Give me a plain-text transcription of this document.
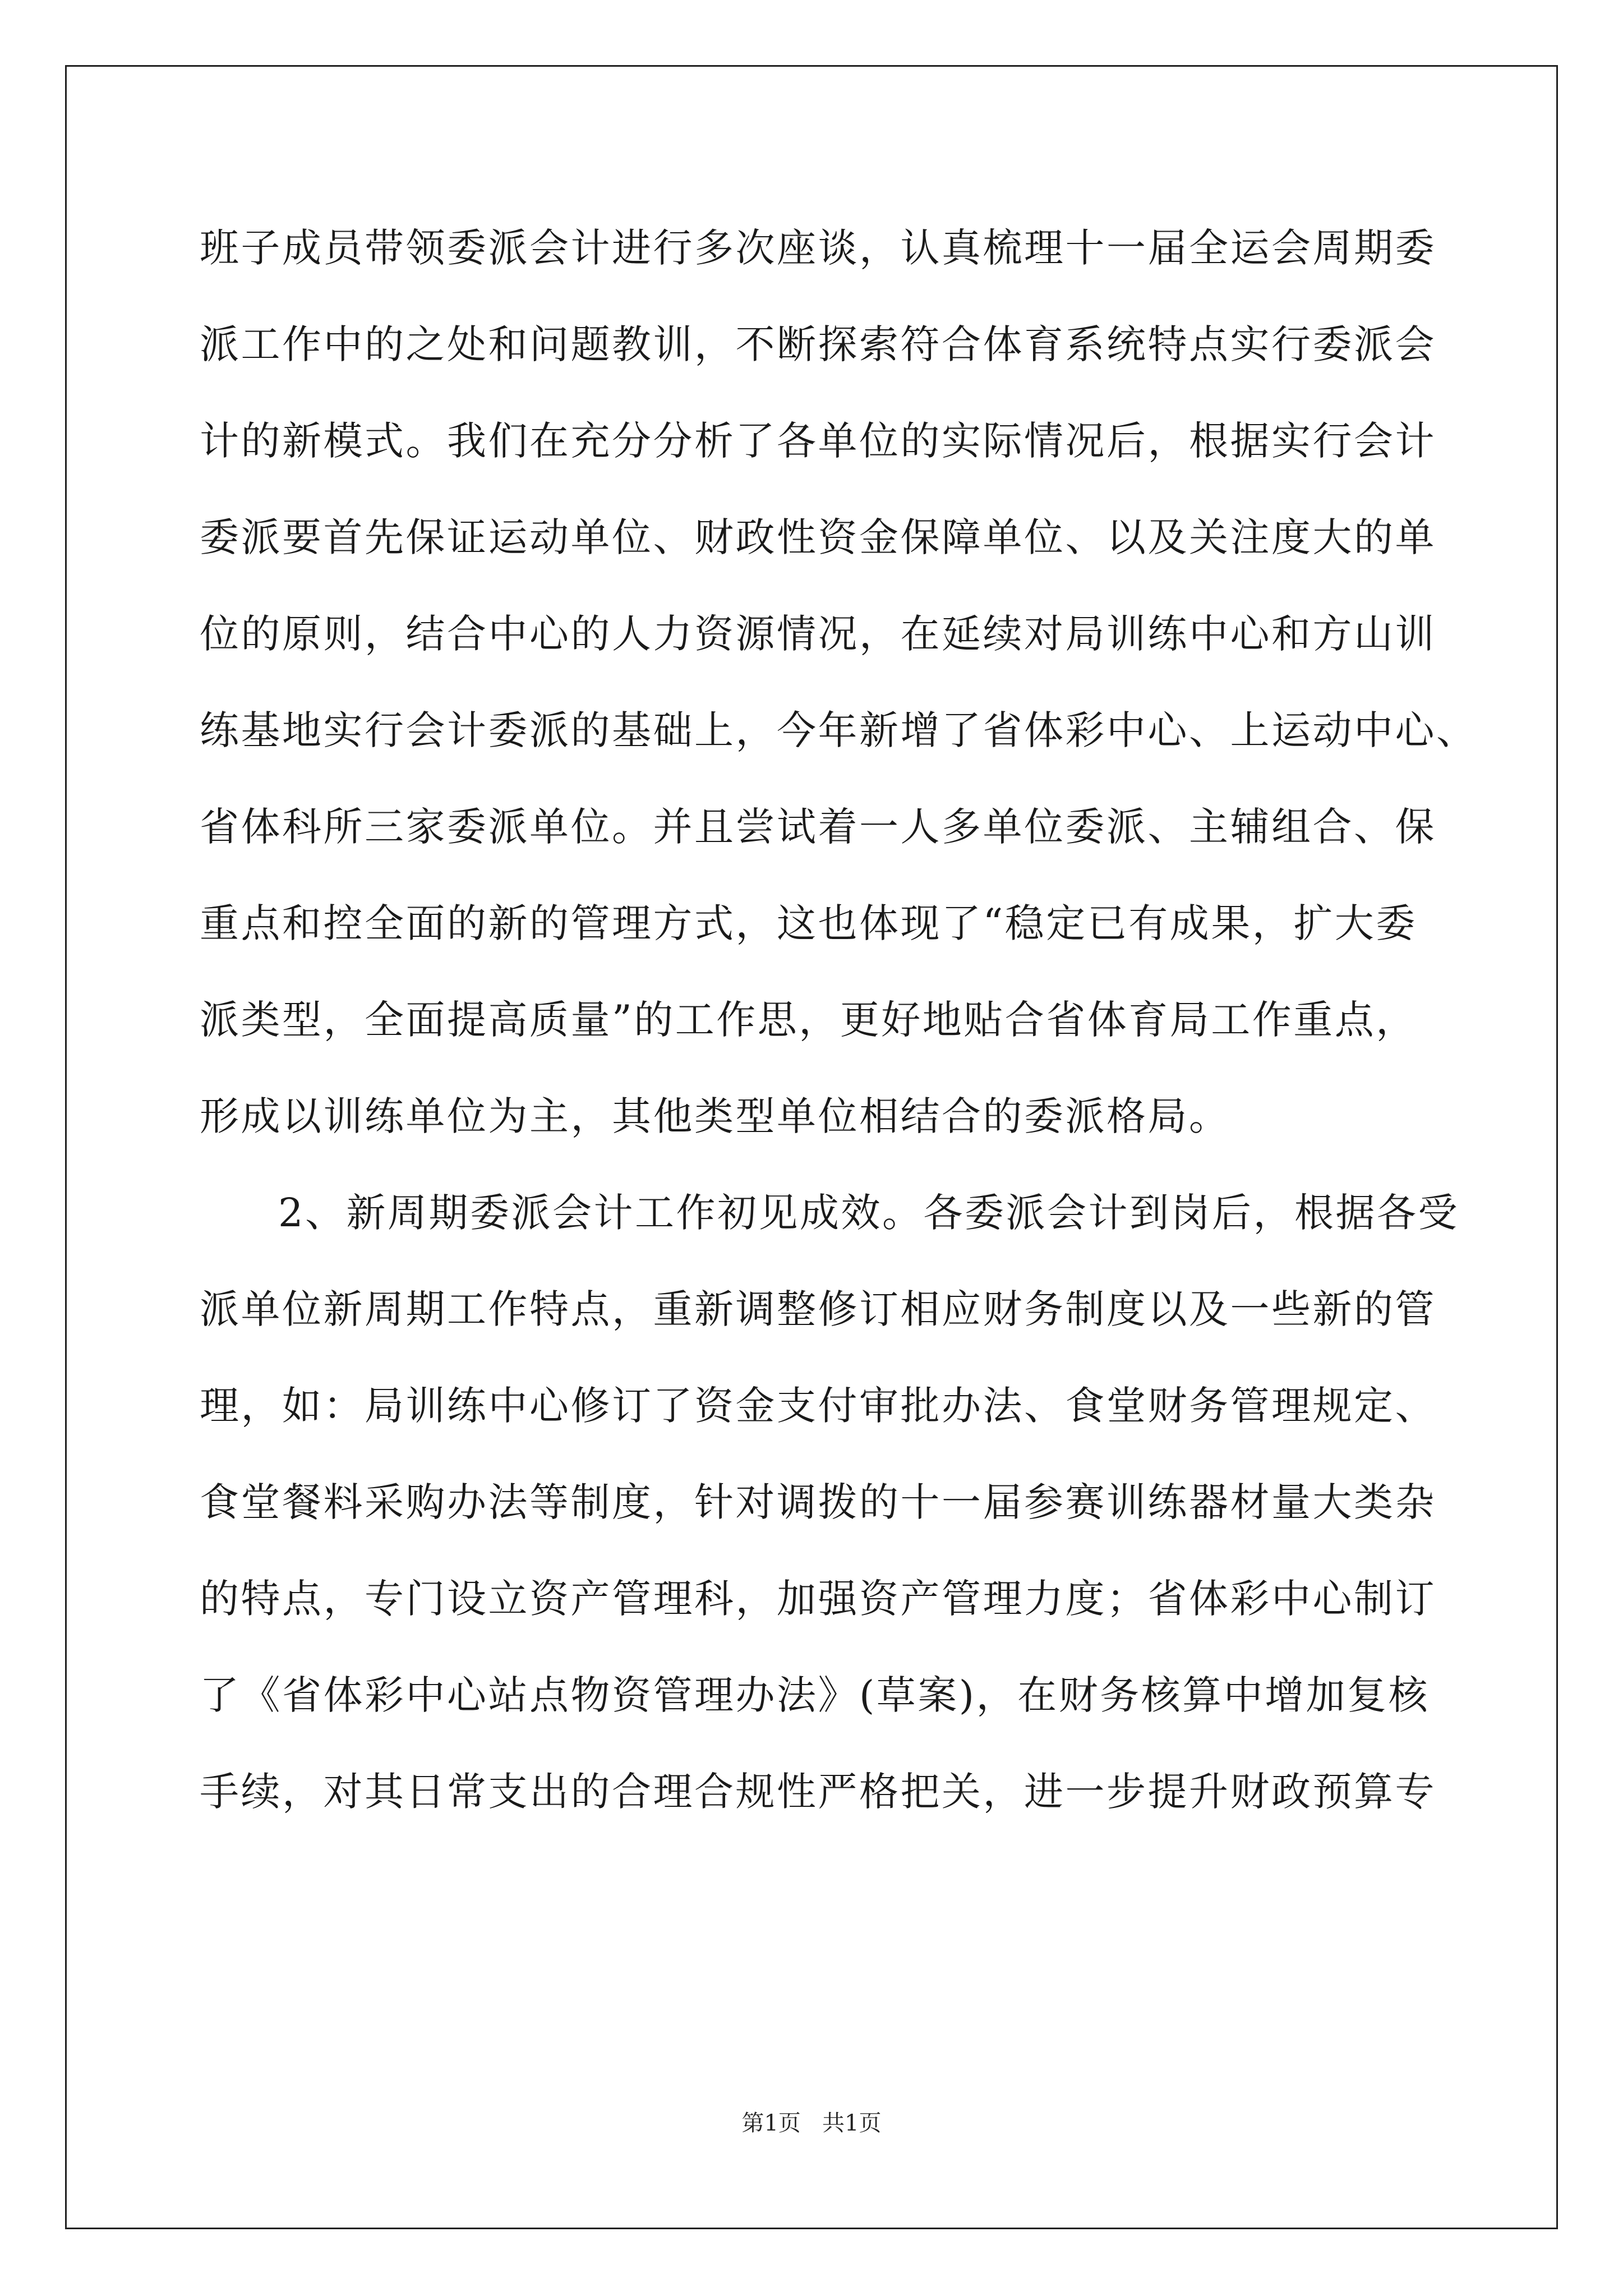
班子成员带领委派会计进行多次座谈，认真梳理十一届全运会周期委
派工作中的之处和问题教训，不断探索符合体育系统特点实行委派会
计的新模式。我们在充分分析了各单位的实际情况后，根据实行会计
委派要首先保证运动单位、财政性资金保障单位、以及关注度大的单
位的原则，结合中心的人力资源情况，在延续对局训练中心和方山训
练基地实行会计委派的基础上，今年新增了省体彩中心、上运动中心、
省体科所三家委派单位。并且尝试着一人多单位委派、主辅组合、保
重点和控全面的新的管理方式，这也体现了“稳定已有成果，扩大委
派类型，全面提高质量”的工作思，更好地贴合省体育局工作重点，
形成以训练单位为主，其他类型单位相结合的委派格局。
2、新周期委派会计工作初见成效。各委派会计到岗后，根据各受
派单位新周期工作特点，重新调整修订相应财务制度以及一些新的管
理，如：局训练中心修订了资金支付审批办法、食堂财务管理规定、
食堂餐料采购办法等制度，针对调拨的十一届参赛训练器材量大类杂
的特点，专门设立资产管理科，加强资产管理力度；省体彩中心制订
了《省体彩中心站点物资管理办法》(草案)，在财务核算中增加复核
手续，对其日常支出的合理合规性严格把关，进一步提升财政预算专
第1页   共1页
